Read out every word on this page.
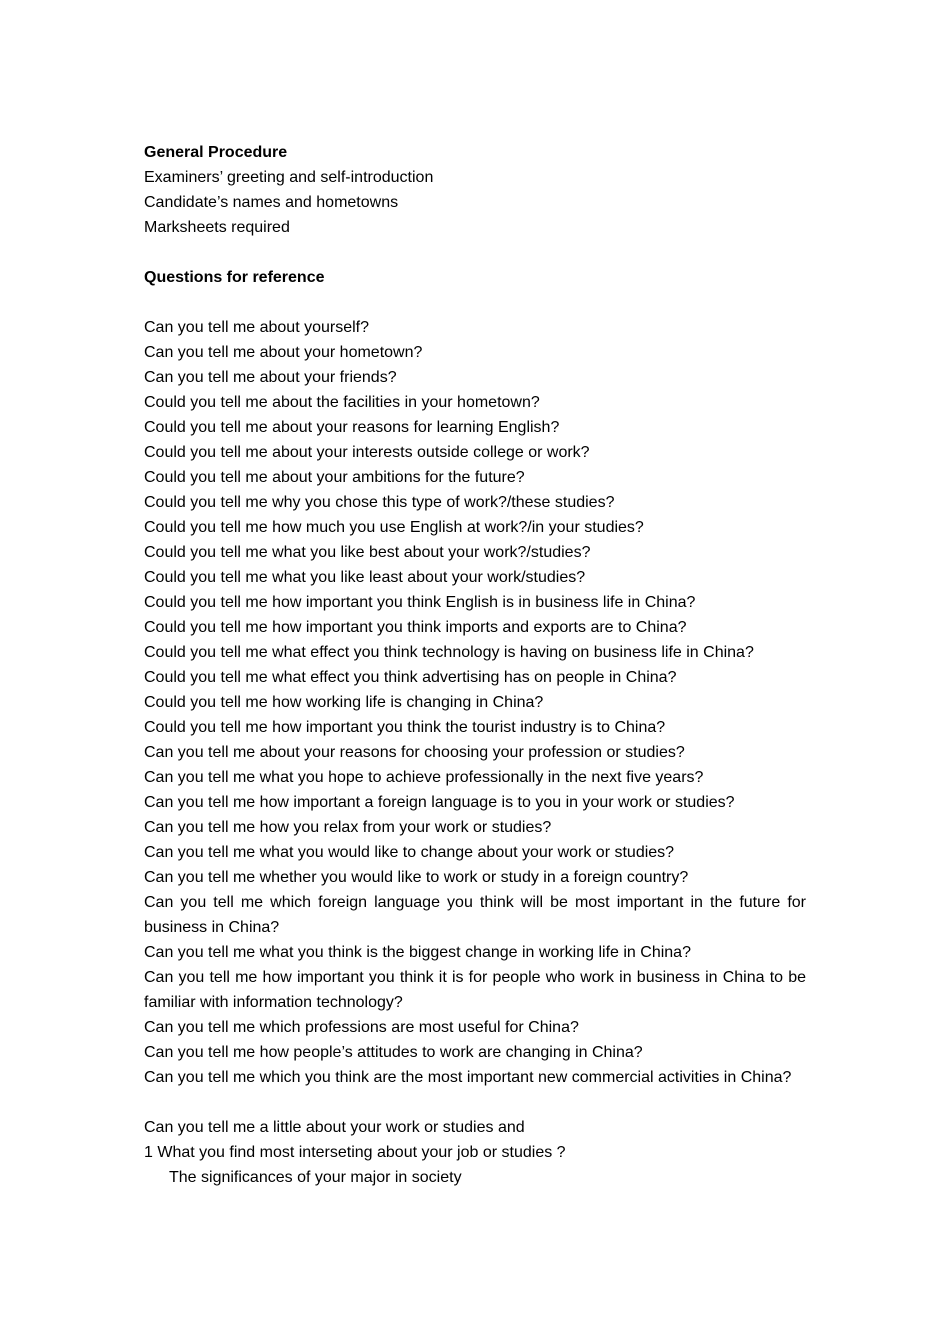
General Procedure

Examiners’ greeting and self-introduction

Candidate’s names and hometowns

Marksheets required

Questions for reference

Can you tell me about yourself?

Can you tell me about your hometown?

Can you tell me about your friends?

Could you tell me about the facilities in your hometown?

Could you tell me about your reasons for learning English?

Could you tell me about your interests outside college or work?

Could you tell me about your ambitions for the future?

Could you tell me why you chose this type of work?/these studies?

Could you tell me how much you use English at work?/in your studies?

Could you tell me what you like best about your work?/studies?

Could you tell me what you like least about your work/studies?

Could you tell me how important you think English is in business life in China?

Could you tell me how important you think imports and exports are to China?

Could you tell me what effect you think technology is having on business life in China?

Could you tell me what effect you think advertising has on people in China?

Could you tell me how working life is changing in China?

Could you tell me how important you think the tourist industry is to China?

Can you tell me about your reasons for choosing your profession or studies?

Can you tell me what you hope to achieve professionally in the next five years?

Can you tell me how important a foreign language is to you in your work or studies?

Can you tell me how you relax from your work or studies?

Can you tell me what you would like to change about your work or studies?

Can you tell me whether you would like to work or study in a foreign country?

Can you tell me which foreign language you think will be most important in the future for business in China?

Can you tell me what you think is the biggest change in working life in China?

Can you tell me how important you think it is for people who work in business in China to be familiar with information technology?

Can you tell me which professions are most useful for China?

Can you tell me how people’s attitudes to work are changing in China?

Can you tell me which you think are the most important new commercial activities in China?

Can you tell me a little about your work or studies and

1 What you find most interseting about your job or studies ?

The significances of your major in society
